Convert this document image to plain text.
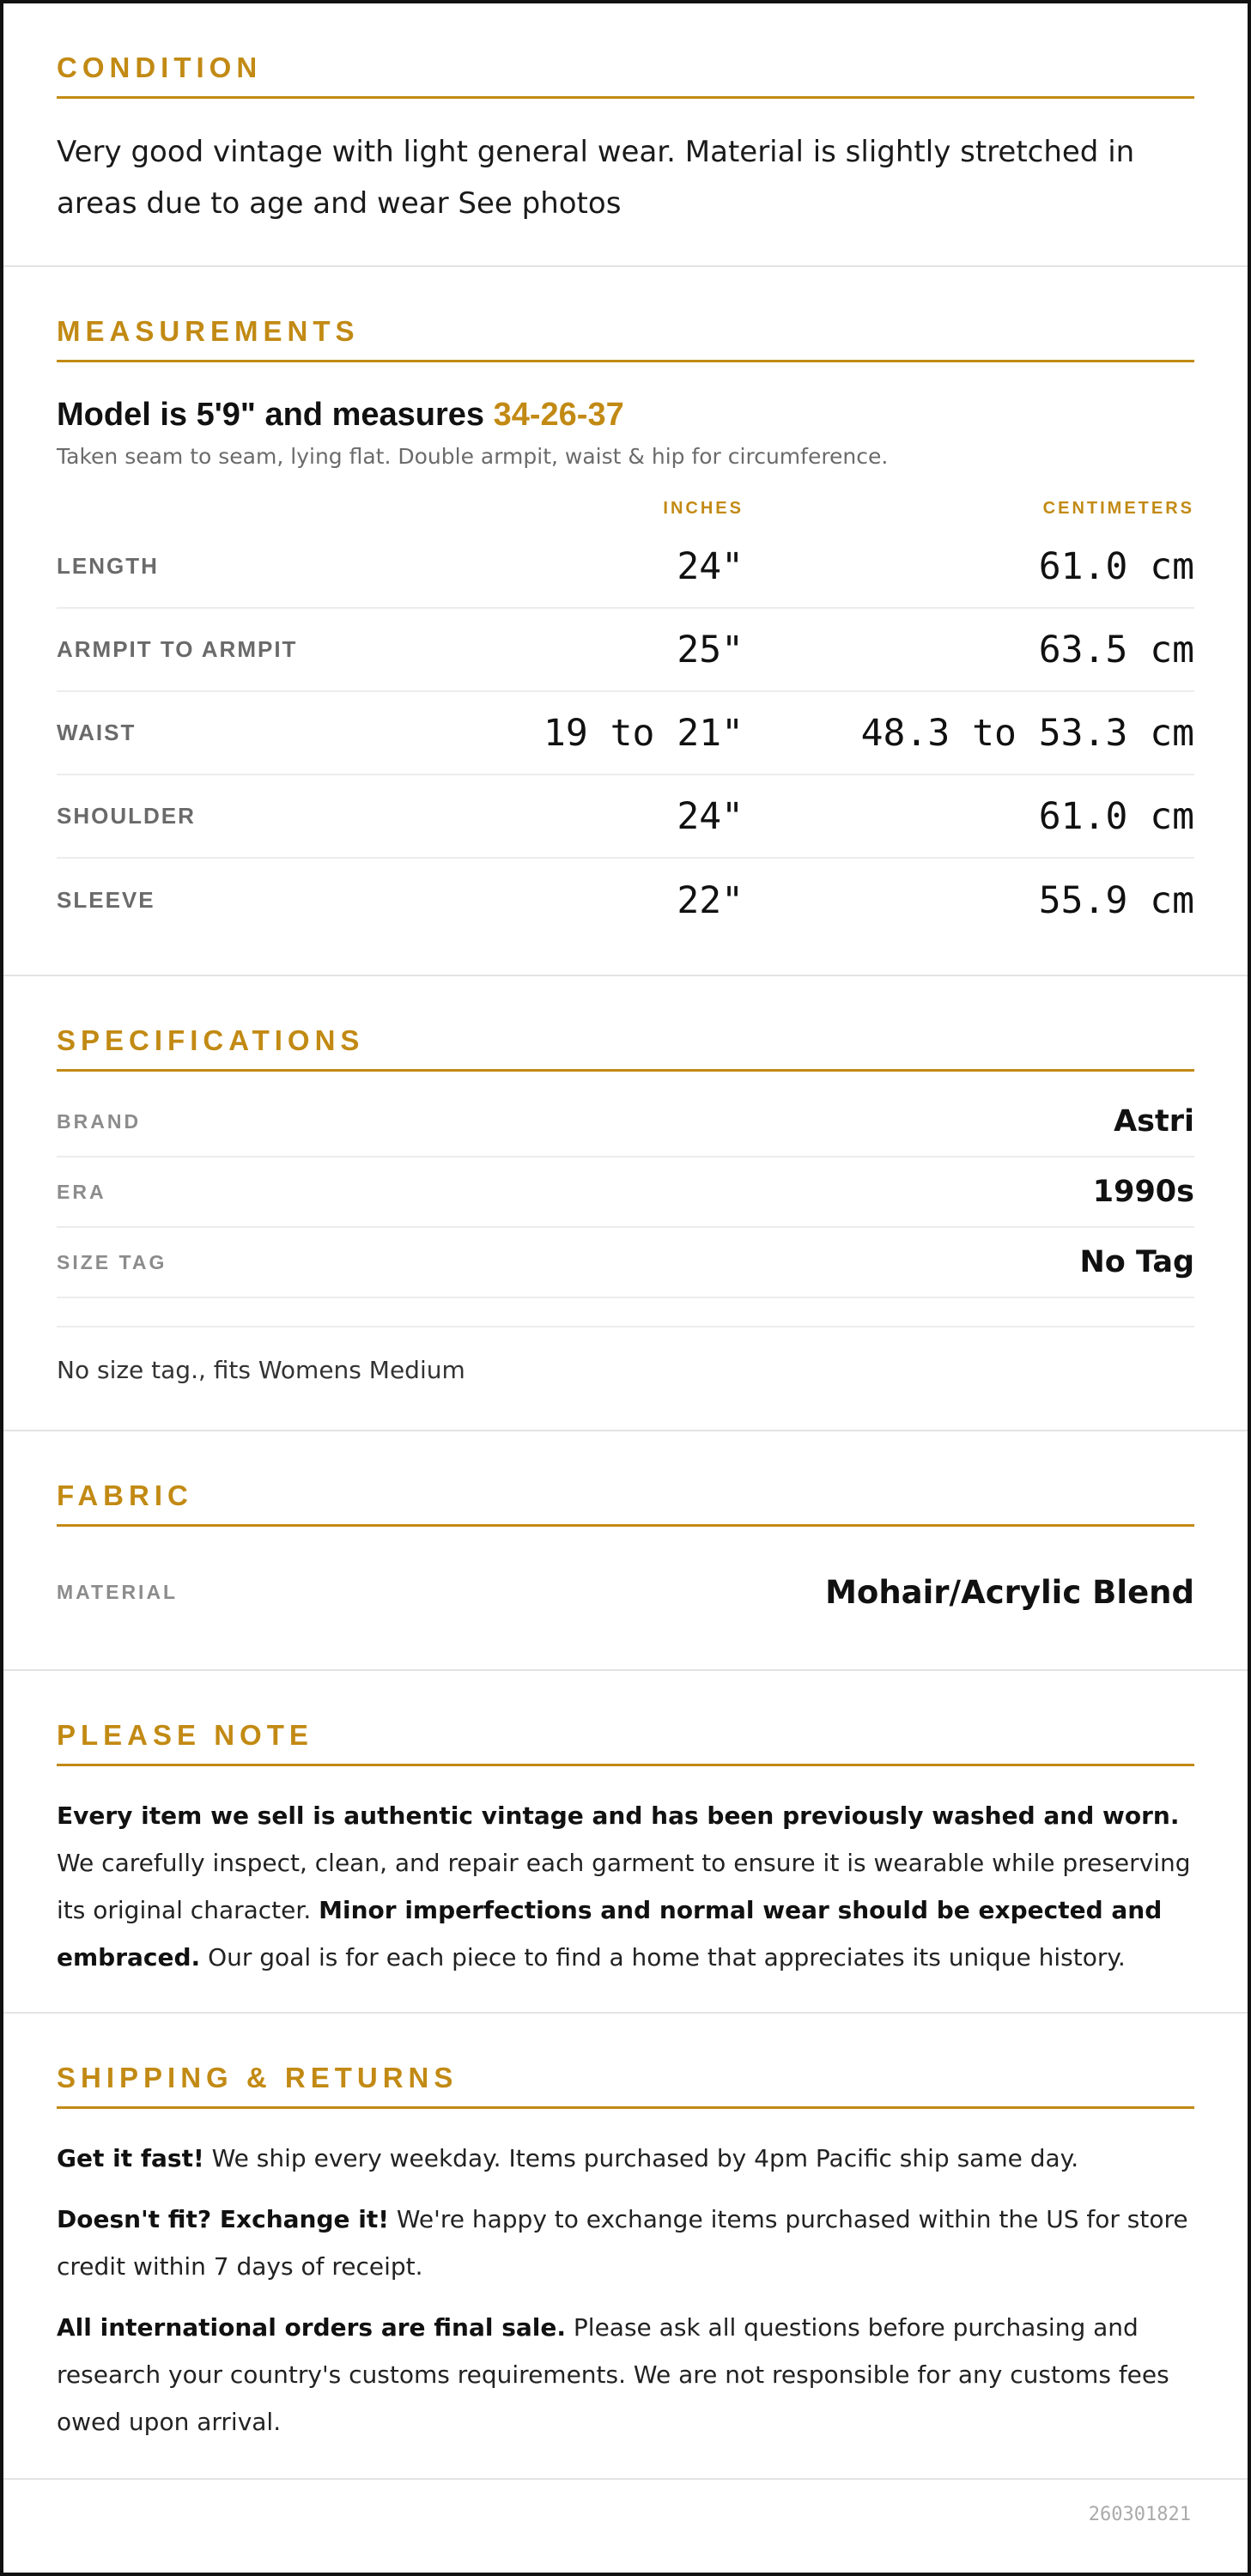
CONDITION
Very good vintage with light general wear. Material is slightly stretched in areas due to age and wear See photos
MEASUREMENTS
Model is 5'9" and measures 34-26-37
Taken seam to seam, lying flat. Double armpit, waist & hip for circumference.
INCHES	CENTIMETERS
LENGTH	24"	61.0 cm
ARMPIT TO ARMPIT	25"	63.5 cm
WAIST	19 to 21"	48.3 to 53.3 cm
SHOULDER	24"	61.0 cm
SLEEVE	22"	55.9 cm
SPECIFICATIONS
BRAND	Astri
ERA	1990s
SIZE TAG	No Tag
No size tag., fits Womens Medium
FABRIC
MATERIAL	Mohair/Acrylic Blend
PLEASE NOTE

Every item we sell is authentic vintage and has been previously washed and worn. We carefully inspect, clean, and repair each garment to ensure it is wearable while preserving its original character. Minor imperfections and normal wear should be expected and embraced. Our goal is for each piece to find a home that appreciates its unique history.

SHIPPING & RETURNS

Get it fast! We ship every weekday. Items purchased by 4pm Pacific ship same day.

Doesn't fit? Exchange it! We're happy to exchange items purchased within the US for store credit within 7 days of receipt.

All international orders are final sale. Please ask all questions before purchasing and research your country's customs requirements. We are not responsible for any customs fees owed upon arrival.

260301821
